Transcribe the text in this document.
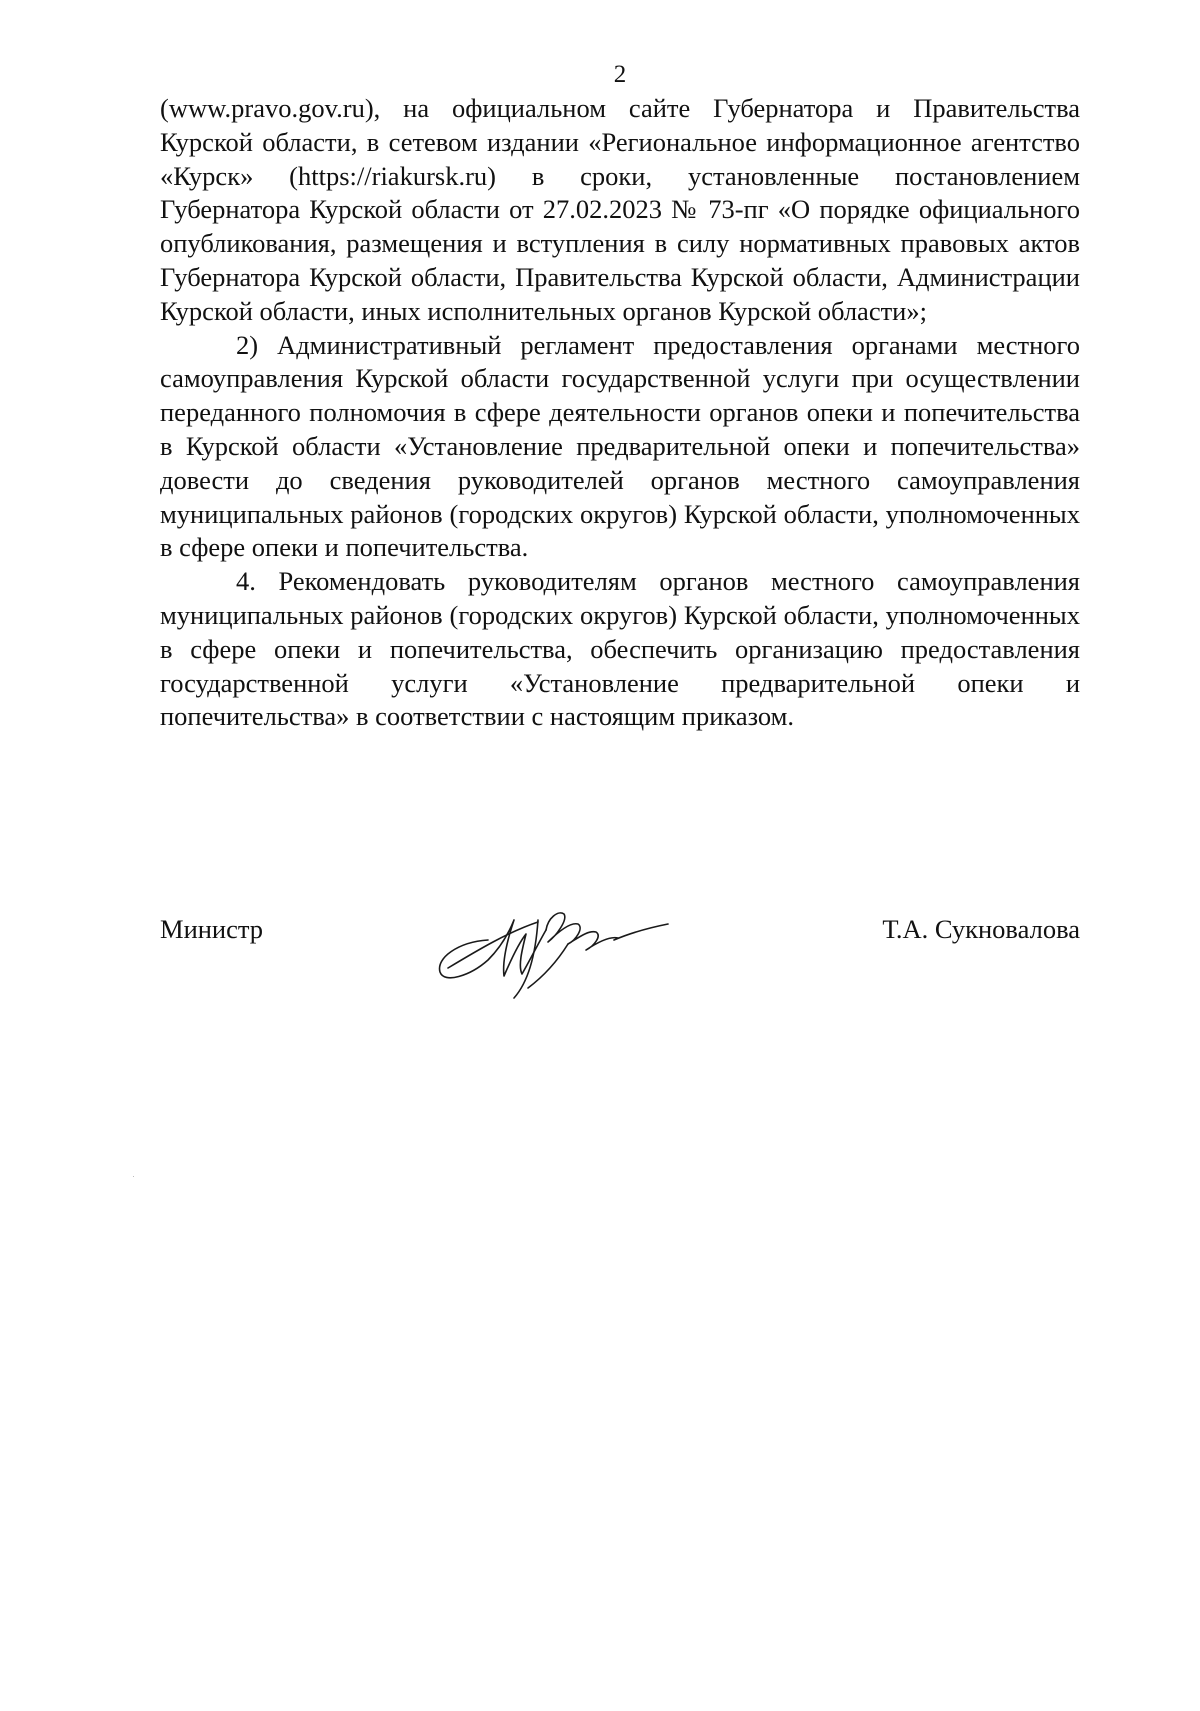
2

(www.pravo.gov.ru), на официальном сайте Губернатора и Правительства Курской области, в сетевом издании «Региональное информационное агентство «Курск» (https://riakursk.ru) в сроки, установленные постановлением Губернатора Курской области от 27.02.2023 № 73-пг «О порядке официального опубликования, размещения и вступления в силу нормативных правовых актов Губернатора Курской области, Правительства Курской области, Администрации Курской области, иных исполнительных органов Курской области»;

2) Административный регламент предоставления органами местного самоуправления Курской области государственной услуги при осуществлении переданного полномочия в сфере деятельности органов опеки и попечительства в Курской области «Установление предварительной опеки и попечительства» довести до сведения руководителей органов местного самоуправления муниципальных районов (городских округов) Курской области, уполномоченных в сфере опеки и попечительства.

4. Рекомендовать руководителям органов местного самоуправления муниципальных районов (городских округов) Курской области, уполномоченных в сфере опеки и попечительства, обеспечить организацию предоставления государственной услуги «Установление предварительной опеки и попечительства» в соответствии с настоящим приказом.

Министр	Т.А. Сукновалова
